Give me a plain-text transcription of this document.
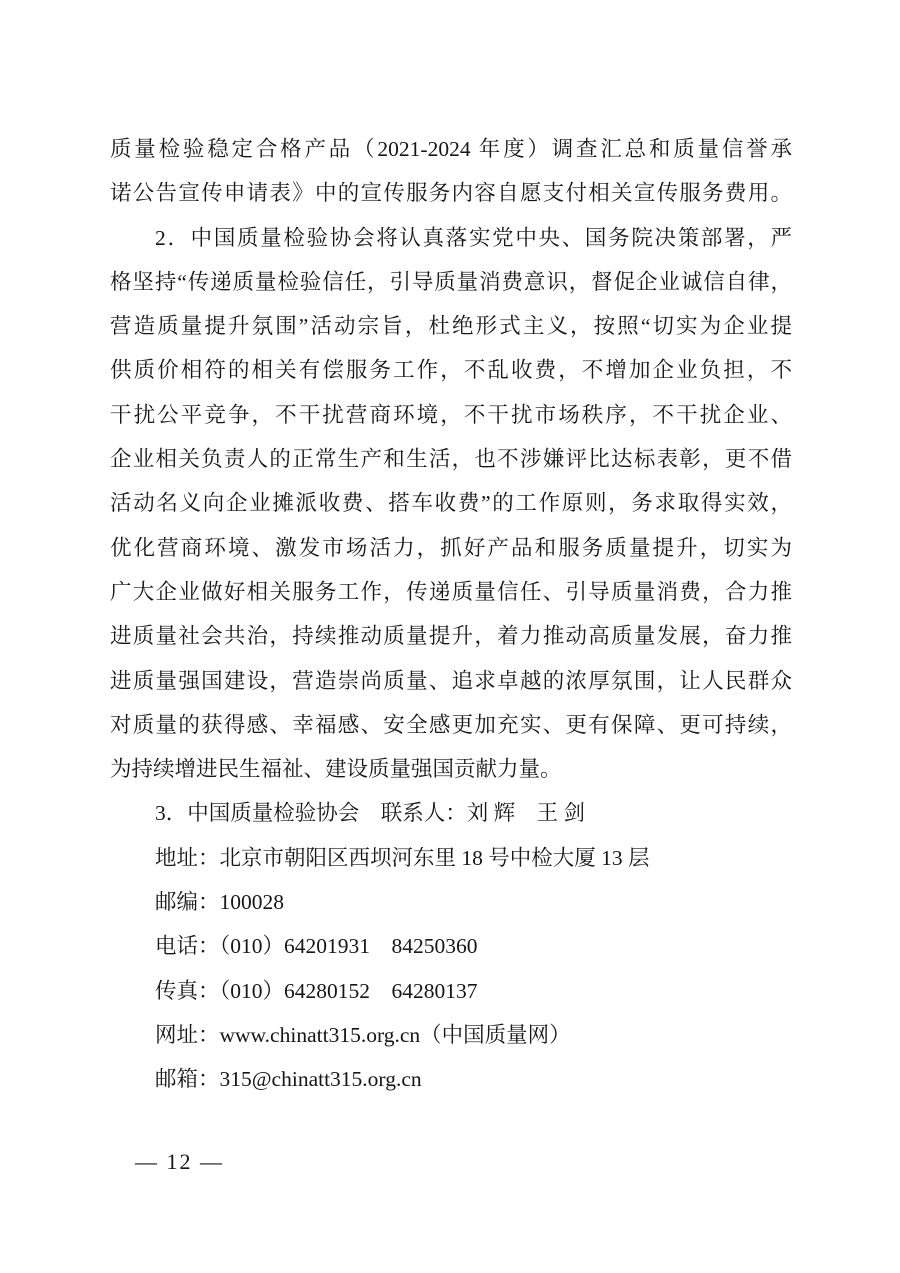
质量检验稳定合格产品（2021-2024 年度）调查汇总和质量信誉承
诺公告宣传申请表》中的宣传服务内容自愿支付相关宣传服务费用。
2．中国质量检验协会将认真落实党中央、国务院决策部署，严
格坚持“传递质量检验信任，引导质量消费意识，督促企业诚信自律，
营造质量提升氛围”活动宗旨，杜绝形式主义，按照“切实为企业提
供质价相符的相关有偿服务工作，不乱收费，不增加企业负担，不
干扰公平竞争，不干扰营商环境，不干扰市场秩序，不干扰企业、
企业相关负责人的正常生产和生活，也不涉嫌评比达标表彰，更不借
活动名义向企业摊派收费、搭车收费”的工作原则，务求取得实效，
优化营商环境、激发市场活力，抓好产品和服务质量提升，切实为
广大企业做好相关服务工作，传递质量信任、引导质量消费，合力推
进质量社会共治，持续推动质量提升，着力推动高质量发展，奋力推
进质量强国建设，营造崇尚质量、追求卓越的浓厚氛围，让人民群众
对质量的获得感、幸福感、安全感更加充实、更有保障、更可持续，
为持续增进民生福祉、建设质量强国贡献力量。
3．中国质量检验协会　联系人：刘 辉　王 剑
地址：北京市朝阳区西坝河东里 18 号中检大厦 13 层
邮编：100028
电话：（010）64201931　84250360
传真：（010）64280152　64280137
网址：www.chinatt315.org.cn（中国质量网）
邮箱：315@chinatt315.org.cn
— 12 —
